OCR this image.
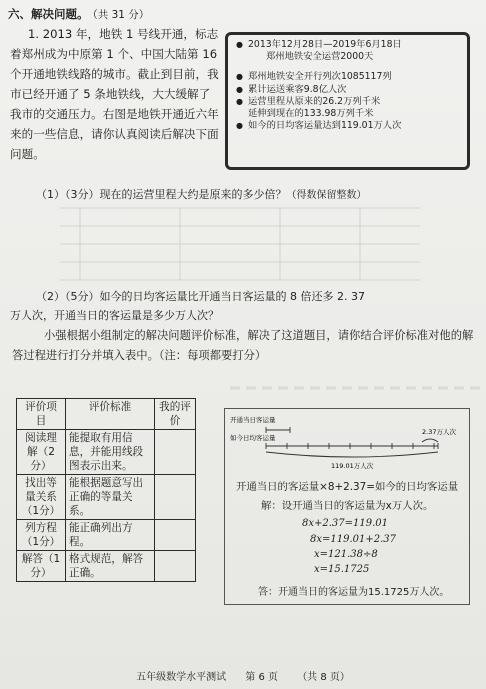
六、解决问题。 （共 31 分）
1. 2013 年，地铁 1 号线开通，标志着郑州成为中原第 1 个、中国大陆第 16 个开通地铁线路的城市。截止到目前，我市已经开通了 5 条地铁线，大大缓解了我市的交通压力。右图是地铁开通近六年来的一些信息，请你认真阅读后解决下面问题。
● 2013年12月28日—2019年6月18日
郑州地铁安全运营2000天
● 郑州地铁安全开行列次1085117列
● 累计运送乘客9.8亿人次
● 运营里程从原来的26.2万列千米
延伸到现在的133.98万列千米
● 如今的日均客运量达到119.01万人次
（1）（3分）现在的运营里程大约是原来的多少倍？（得数保留整数）
（2）（5分）如今的日均客运量比开通当日客运量的 8 倍还多 2. 37
万人次，开通当日的客运量是多少万人次？
小强根据小组制定的解决问题评价标准，解决了这道题目，请你结合评价标准对他的解答过程进行打分并填入表中。（注：每项都要打分）
评价项目	评价标准	我的评价
阅读理解（2分）	能提取有用信息，并能用线段图表示出来。	
找出等量关系（1分）	能根据题意写出正确的等量关系。	
列方程（1分）	能正确列出方程。	
解答（1分）	格式规范，解答正确。	
开通当日客运量
如今日均客运量
2.37万人次
119.01万人次
开通当日的客运量×8+2.37=如今的日均客运量
解：设开通当日的客运量为x万人次。
8x+2.37=119.01
8x=119.01+2.37
x=121.38÷8
x=15.1725
答：开通当日的客运量为15.1725万人次。
五年级数学水平测试 第 6 页 （共 8 页）
